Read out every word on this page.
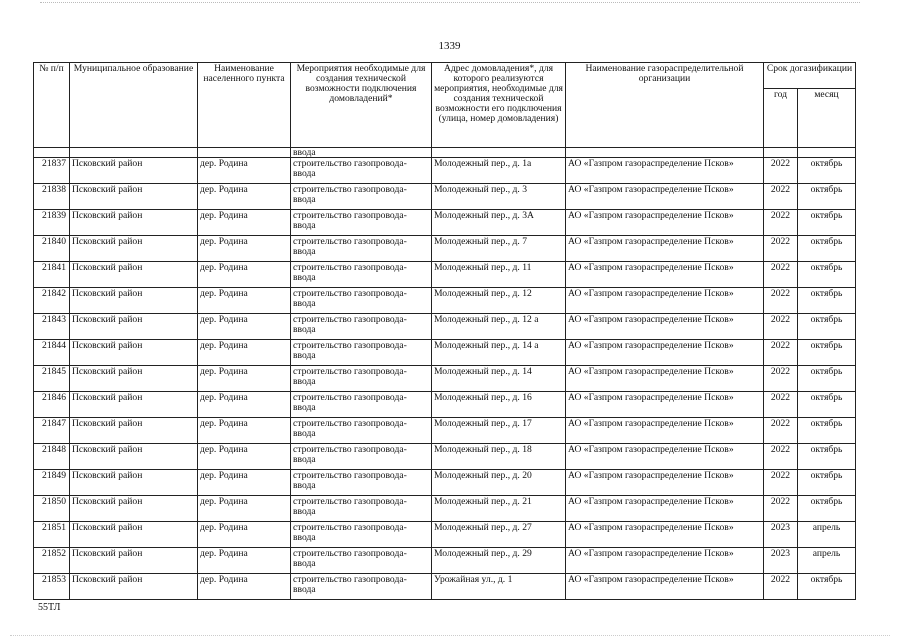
1339
№ п/п	Муниципальное образование	Наименование населенного пункта	Мероприятия необходимые для создания технической возможности подключения домовладений*	Адрес домовладения*, для которого реализуются мероприятия, необходимые для создания технической возможности его подключения (улица, номер домовладения)	Наименование газораспределительной организации	Срок догазификации	
						год	месяц
			ввода				
21837	Псковский район	дер. Родина	строительство газопровода-ввода	Молодежный пер., д. 1а	АО «Газпром газораспределение Псков»	2022	октябрь
21838	Псковский район	дер. Родина	строительство газопровода-ввода	Молодежный пер., д. 3	АО «Газпром газораспределение Псков»	2022	октябрь
21839	Псковский район	дер. Родина	строительство газопровода-ввода	Молодежный пер., д. 3А	АО «Газпром газораспределение Псков»	2022	октябрь
21840	Псковский район	дер. Родина	строительство газопровода-ввода	Молодежный пер., д. 7	АО «Газпром газораспределение Псков»	2022	октябрь
21841	Псковский район	дер. Родина	строительство газопровода-ввода	Молодежный пер., д. 11	АО «Газпром газораспределение Псков»	2022	октябрь
21842	Псковский район	дер. Родина	строительство газопровода-ввода	Молодежный пер., д. 12	АО «Газпром газораспределение Псков»	2022	октябрь
21843	Псковский район	дер. Родина	строительство газопровода-ввода	Молодежный пер., д. 12 а	АО «Газпром газораспределение Псков»	2022	октябрь
21844	Псковский район	дер. Родина	строительство газопровода-ввода	Молодежный пер., д. 14 а	АО «Газпром газораспределение Псков»	2022	октябрь
21845	Псковский район	дер. Родина	строительство газопровода-ввода	Молодежный пер., д. 14	АО «Газпром газораспределение Псков»	2022	октябрь
21846	Псковский район	дер. Родина	строительство газопровода-ввода	Молодежный пер., д. 16	АО «Газпром газораспределение Псков»	2022	октябрь
21847	Псковский район	дер. Родина	строительство газопровода-ввода	Молодежный пер., д. 17	АО «Газпром газораспределение Псков»	2022	октябрь
21848	Псковский район	дер. Родина	строительство газопровода-ввода	Молодежный пер., д. 18	АО «Газпром газораспределение Псков»	2022	октябрь
21849	Псковский район	дер. Родина	строительство газопровода-ввода	Молодежный пер., д. 20	АО «Газпром газораспределение Псков»	2022	октябрь
21850	Псковский район	дер. Родина	строительство газопровода-ввода	Молодежный пер., д. 21	АО «Газпром газораспределение Псков»	2022	октябрь
21851	Псковский район	дер. Родина	строительство газопровода-ввода	Молодежный пер., д. 27	АО «Газпром газораспределение Псков»	2023	апрель
21852	Псковский район	дер. Родина	строительство газопровода-ввода	Молодежный пер., д. 29	АО «Газпром газораспределение Псков»	2023	апрель
21853	Псковский район	дер. Родина	строительство газопровода-ввода	Урожайная ул., д. 1	АО «Газпром газораспределение Псков»	2022	октябрь
55ТЛ
